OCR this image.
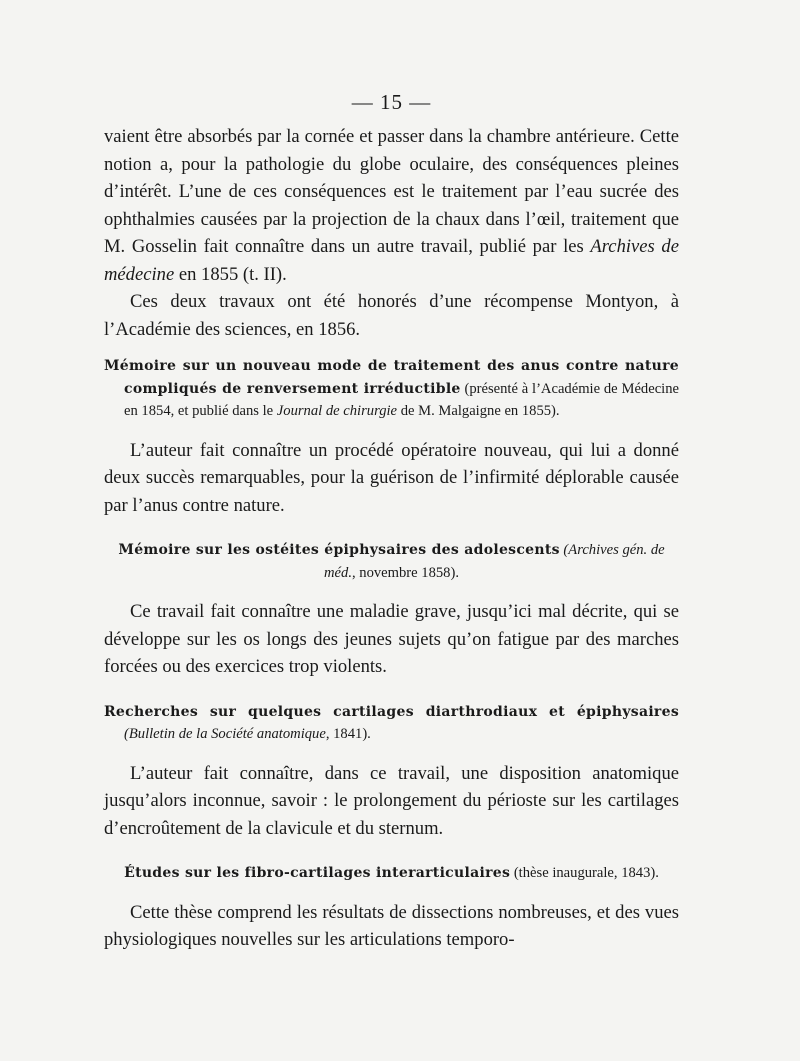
— 15 —

vaient être absorbés par la cornée et passer dans la chambre antérieure. Cette notion a, pour la pathologie du globe oculaire, des conséquences pleines d’intérêt. L’une de ces conséquences est le traitement par l’eau sucrée des ophthalmies causées par la projection de la chaux dans l’œil, traitement que M. Gosselin fait connaître dans un autre travail, publié par les Archives de médecine en 1855 (t. II).

Ces deux travaux ont été honorés d’une récompense Montyon, à l’Académie des sciences, en 1856.

Mémoire sur un nouveau mode de traitement des anus contre nature compliqués de renversement irréductible (présenté à l’Académie de Médecine en 1854, et publié dans le Journal de chirurgie de M. Malgaigne en 1855).

L’auteur fait connaître un procédé opératoire nouveau, qui lui a donné deux succès remarquables, pour la guérison de l’infirmité déplorable causée par l’anus contre nature.

Mémoire sur les ostéites épiphysaires des adolescents (Archives gén. de méd., novembre 1858).

Ce travail fait connaître une maladie grave, jusqu’ici mal décrite, qui se développe sur les os longs des jeunes sujets qu’on fatigue par des marches forcées ou des exercices trop violents.

Recherches sur quelques cartilages diarthrodiaux et épiphysaires (Bulletin de la Société anatomique, 1841).

L’auteur fait connaître, dans ce travail, une disposition anatomique jusqu’alors inconnue, savoir : le prolongement du périoste sur les cartilages d’encroûtement de la clavicule et du sternum.

Études sur les fibro-cartilages interarticulaires (thèse inaugurale, 1843).

Cette thèse comprend les résultats de dissections nombreuses, et des vues physiologiques nouvelles sur les articulations temporo-
